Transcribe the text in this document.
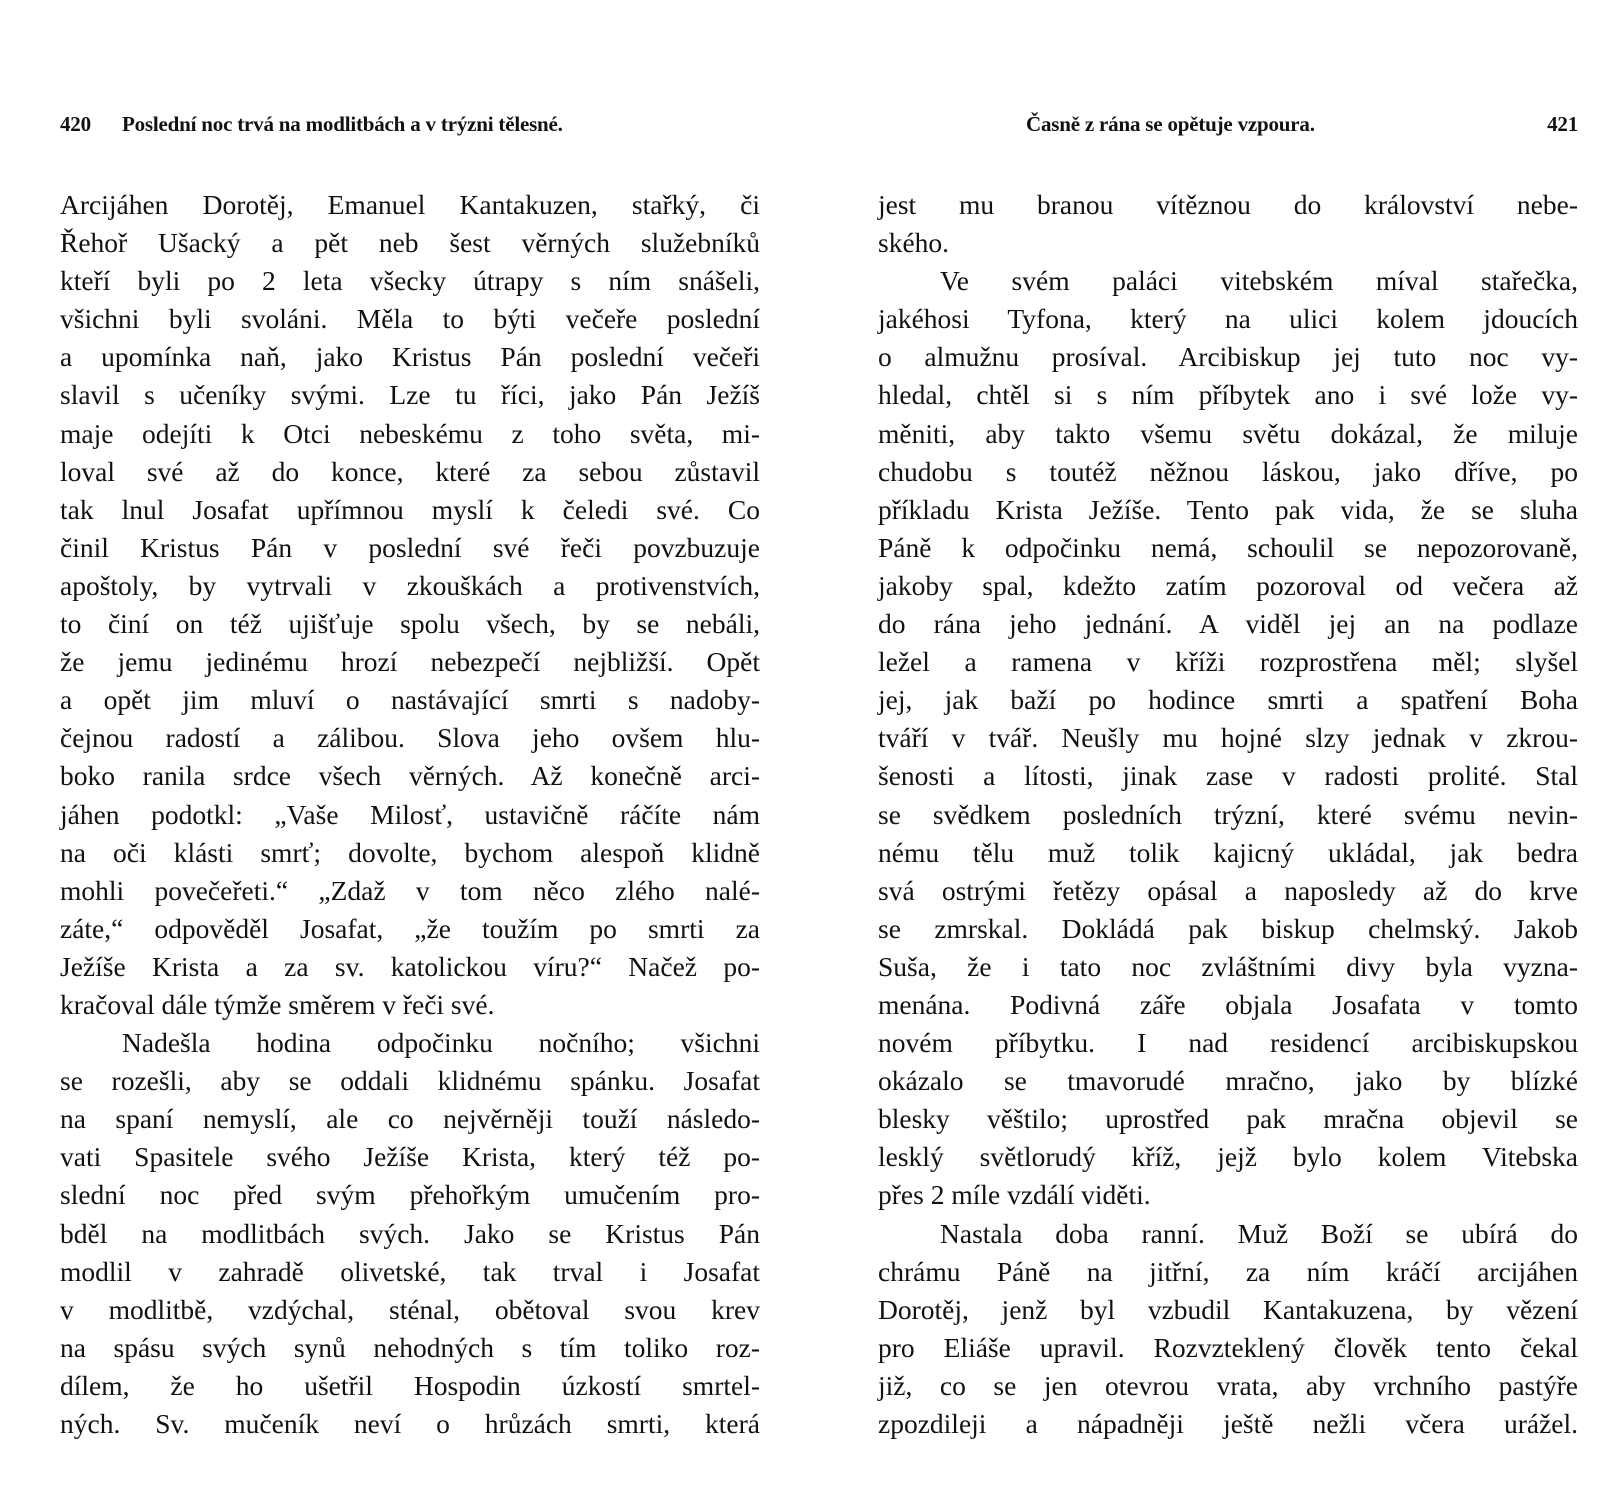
420 Poslední noc trvá na modlitbách a v trýzni tělesné.
Arcijáhen Dorotěj, Emanuel Kantakuzen, stařký, či
Řehoř Ušacký a pět neb šest věrných služebníků
kteří byli po 2 leta všecky útrapy s ním snášeli,
všichni byli svoláni. Měla to býti večeře poslední
a upomínka naň, jako Kristus Pán poslední večeři
slavil s učeníky svými. Lze tu říci, jako Pán Ježíš
maje odejíti k Otci nebeskému z toho světa, mi-
loval své až do konce, které za sebou zůstavil
tak lnul Josafat upřímnou myslí k čeledi své. Co
činil Kristus Pán v poslední své řeči povzbuzuje
apoštoly, by vytrvali v zkouškách a protivenstvích,
to činí on též ujišťuje spolu všech, by se nebáli,
že jemu jedinému hrozí nebezpečí nejbližší. Opět
a opět jim mluví o nastávající smrti s nadoby-
čejnou radostí a zálibou. Slova jeho ovšem hlu-
boko ranila srdce všech věrných. Až konečně arci-
jáhen podotkl: „Vaše Milosť, ustavičně ráčíte nám
na oči klásti smrť; dovolte, bychom alespoň klidně
mohli povečeřeti.“ „Zdaž v tom něco zlého nalé-
záte,“ odpověděl Josafat, „že toužím po smrti za
Ježíše Krista a za sv. katolickou víru?“ Načež po-
kračoval dále týmže směrem v řeči své.
Nadešla hodina odpočinku nočního; všichni
se rozešli, aby se oddali klidnému spánku. Josafat
na spaní nemyslí, ale co nejvěrněji touží následo-
vati Spasitele svého Ježíše Krista, který též po-
slední noc před svým přehořkým umučením pro-
bděl na modlitbách svých. Jako se Kristus Pán
modlil v zahradě olivetské, tak trval i Josafat
v modlitbě, vzdýchal, sténal, obětoval svou krev
na spásu svých synů nehodných s tím toliko roz-
dílem, že ho ušetřil Hospodin úzkostí smrtel-
ných. Sv. mučeník neví o hrůzách smrti, která
Časně z rána se opětuje vzpoura.	421
jest mu branou vítěznou do království nebe-
ského.
Ve svém paláci vitebském míval stařečka,
jakéhosi Tyfona, který na ulici kolem jdoucích
o almužnu prosíval. Arcibiskup jej tuto noc vy-
hledal, chtěl si s ním příbytek ano i své lože vy-
měniti, aby takto všemu světu dokázal, že miluje
chudobu s toutéž něžnou láskou, jako dříve, po
příkladu Krista Ježíše. Tento pak vida, že se sluha
Páně k odpočinku nemá, schoulil se nepozorovaně,
jakoby spal, kdežto zatím pozoroval od večera až
do rána jeho jednání. A viděl jej an na podlaze
ležel a ramena v kříži rozprostřena měl; slyšel
jej, jak baží po hodince smrti a spatření Boha
tváří v tvář. Neušly mu hojné slzy jednak v zkrou-
šenosti a lítosti, jinak zase v radosti prolité. Stal
se svědkem posledních trýzní, které svému nevin-
nému tělu muž tolik kajicný ukládal, jak bedra
svá ostrými řetězy opásal a naposledy až do krve
se zmrskal. Dokládá pak biskup chelmský. Jakob
Suša, že i tato noc zvláštními divy byla vyzna-
menána. Podivná záře objala Josafata v tomto
novém příbytku. I nad residencí arcibiskupskou
okázalo se tmavorudé mračno, jako by blízké
blesky věštilo; uprostřed pak mračna objevil se
lesklý světlorudý kříž, jejž bylo kolem Vitebska
přes 2 míle vzdálí viděti.
Nastala doba ranní. Muž Boží se ubírá do
chrámu Páně na jitřní, za ním kráčí arcijáhen
Dorotěj, jenž byl vzbudil Kantakuzena, by vězení
pro Eliáše upravil. Rozvzteklený člověk tento čekal
již, co se jen otevrou vrata, aby vrchního pastýře
zpozdileji a nápadněji ještě nežli včera urážel.
